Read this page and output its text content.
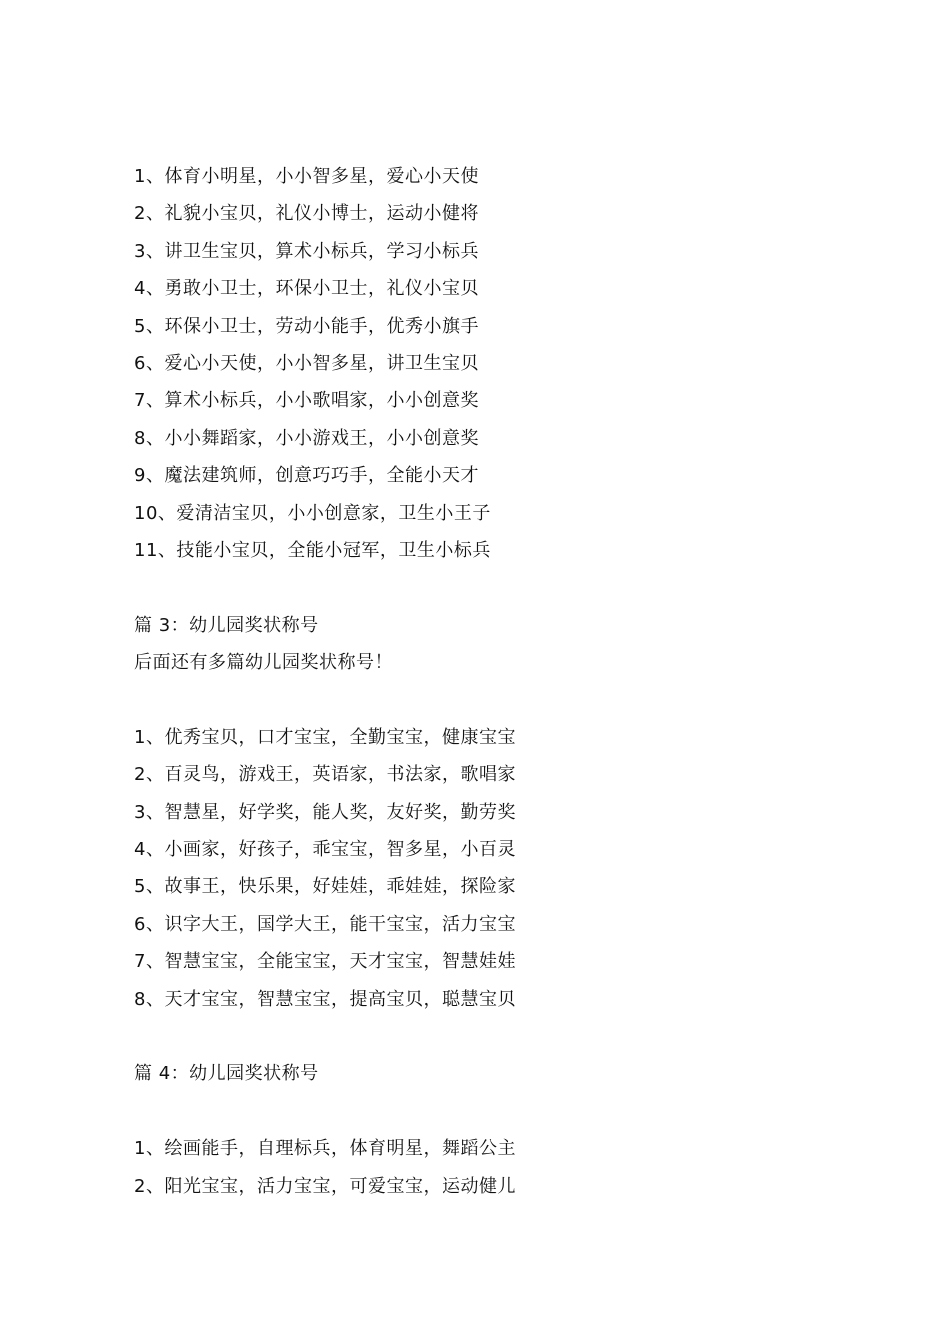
1、体育小明星，小小智多星，爱心小天使
2、礼貌小宝贝，礼仪小博士，运动小健将
3、讲卫生宝贝，算术小标兵，学习小标兵
4、勇敢小卫士，环保小卫士，礼仪小宝贝
5、环保小卫士，劳动小能手，优秀小旗手
6、爱心小天使，小小智多星，讲卫生宝贝
7、算术小标兵，小小歌唱家，小小创意奖
8、小小舞蹈家，小小游戏王，小小创意奖
9、魔法建筑师，创意巧巧手，全能小天才
10、爱清洁宝贝，小小创意家，卫生小王子
11、技能小宝贝，全能小冠军，卫生小标兵
篇 3：幼儿园奖状称号
后面还有多篇幼儿园奖状称号！
1、优秀宝贝，口才宝宝，全勤宝宝，健康宝宝
2、百灵鸟，游戏王，英语家，书法家，歌唱家
3、智慧星，好学奖，能人奖，友好奖，勤劳奖
4、小画家，好孩子，乖宝宝，智多星，小百灵
5、故事王，快乐果，好娃娃，乖娃娃，探险家
6、识字大王，国学大王，能干宝宝，活力宝宝
7、智慧宝宝，全能宝宝，天才宝宝，智慧娃娃
8、天才宝宝，智慧宝宝，提高宝贝，聪慧宝贝
篇 4：幼儿园奖状称号
1、绘画能手，自理标兵，体育明星，舞蹈公主
2、阳光宝宝，活力宝宝，可爱宝宝，运动健儿
